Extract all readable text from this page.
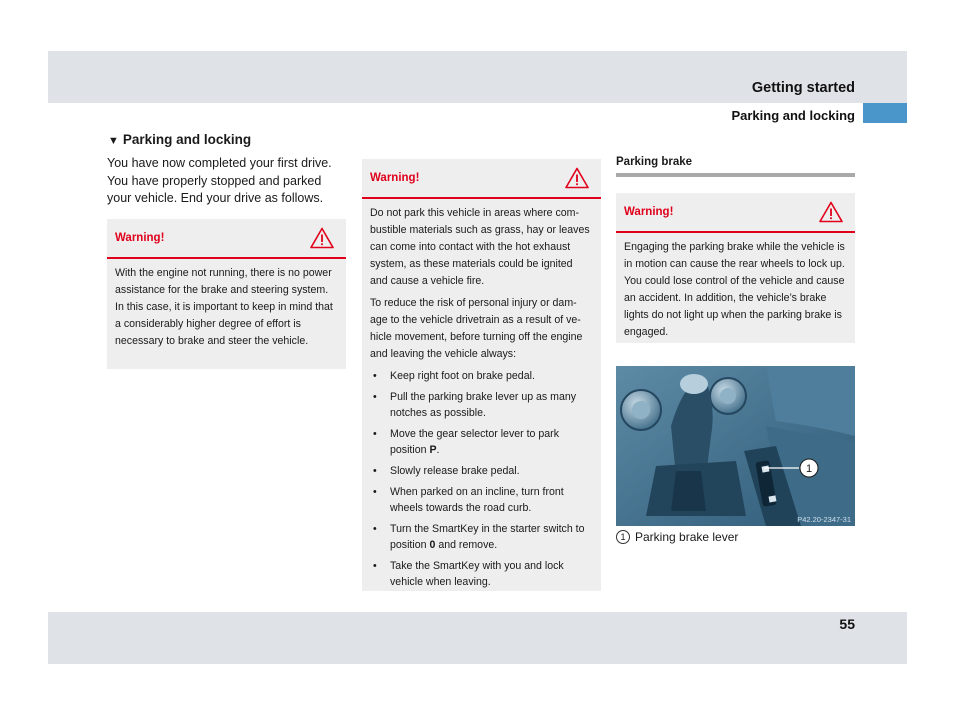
Getting started
Parking and locking
55
▼ Parking and locking
You have now completed your first drive. You have properly stopped and parked your vehicle. End your drive as follows.
Warning!
With the engine not running, there is no power assistance for the brake and steering system. In this case, it is important to keep in mind that a considerably higher degree of effort is necessary to brake and steer the vehicle.
Warning!

Do not park this vehicle in areas where com-bustible materials such as grass, hay or leaves can come into contact with the hot exhaust system, as these materials could be ignited and cause a vehicle fire.

To reduce the risk of personal injury or dam-age to the vehicle drivetrain as a result of ve-hicle movement, before turning off the engine and leaving the vehicle always:

• Keep right foot on brake pedal.
• Pull the parking brake lever up as many notches as possible.
• Move the gear selector lever to park position P.
• Slowly release brake pedal.
• When parked on an incline, turn front wheels towards the road curb.
• Turn the SmartKey in the starter switch to position 0 and remove.
• Take the SmartKey with you and lock vehicle when leaving.
Parking brake
Warning!
Engaging the parking brake while the vehicle is in motion can cause the rear wheels to lock up. You could lose control of the vehicle and cause an accident. In addition, the vehicle’s brake lights do not light up when the parking brake is engaged.
1
P42.20-2347-31
1 Parking brake lever
